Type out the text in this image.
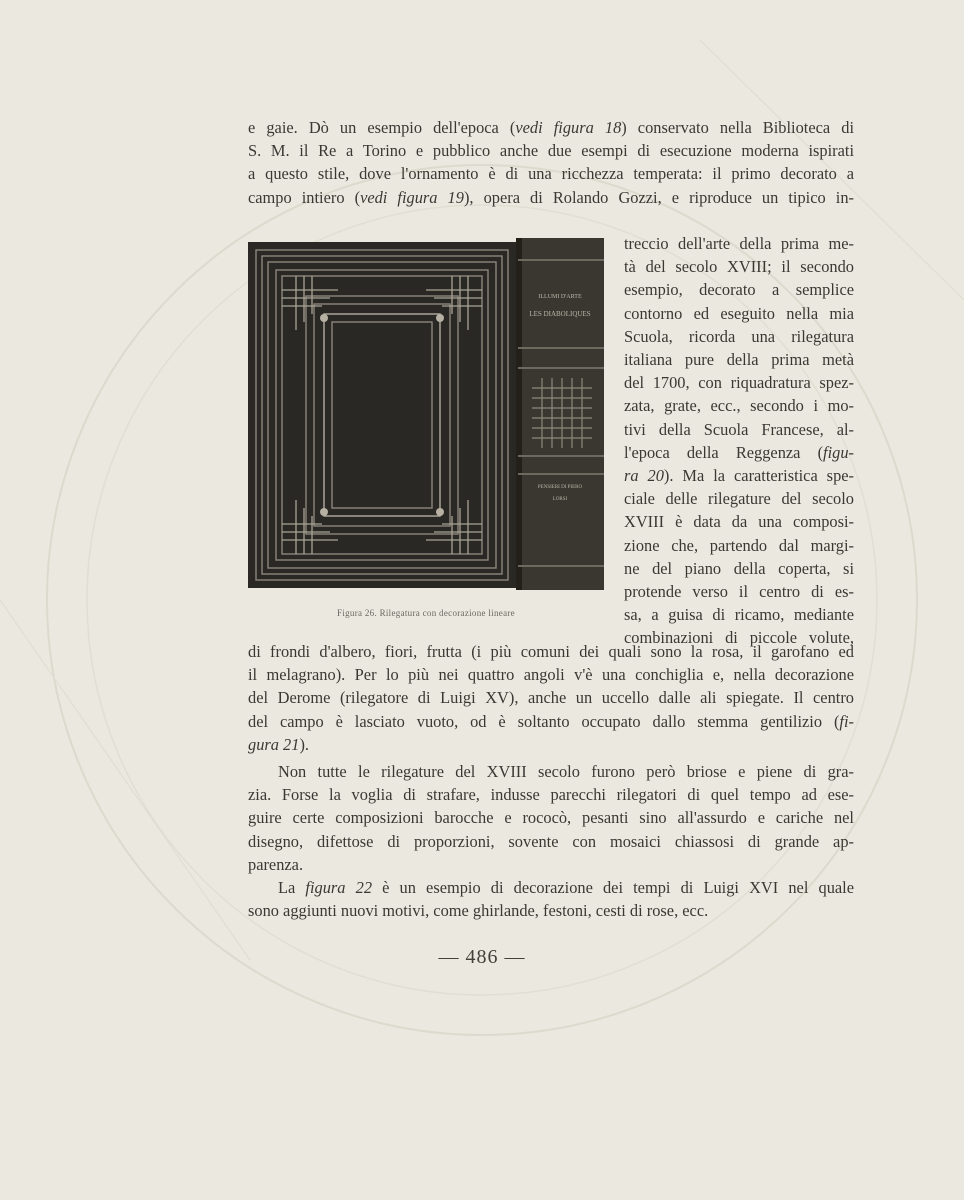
e gaie. Dò un esempio dell'epoca (vedi figura 18) conservato nella Biblioteca di
S. M. il Re a Torino e pubblico anche due esempi di esecuzione moderna ispirati
a questo stile, dove l'ornamento è di una ricchezza temperata: il primo decorato a
campo intiero (vedi figura 19), opera di Rolando Gozzi, e riproduce un tipico in-
ILLUMI D'ARTE
LES DIABOLIQUES
PENSIERI DI PIERO
LORSI
Figura 26. Rilegatura con decorazione lineare
treccio dell'arte della prima me-
tà del secolo XVIII; il secondo
esempio, decorato a semplice
contorno ed eseguito nella mia
Scuola, ricorda una rilegatura
italiana pure della prima metà
del 1700, con riquadratura spez-
zata, grate, ecc., secondo i mo-
tivi della Scuola Francese, al-
l'epoca della Reggenza (figu-
ra 20). Ma la caratteristica spe-
ciale delle rilegature del secolo
XVIII è data da una composi-
zione che, partendo dal margi-
ne del piano della coperta, si
protende verso il centro di es-
sa, a guisa di ricamo, mediante
combinazioni di piccole volute,
di frondi d'albero, fiori, frutta (i più comuni dei quali sono la rosa, il garofano ed
il melagrano). Per lo più nei quattro angoli v'è una conchiglia e, nella decorazione
del Derome (rilegatore di Luigi XV), anche un uccello dalle ali spiegate. Il centro
del campo è lasciato vuoto, od è soltanto occupato dallo stemma gentilizio (fi-
gura 21).
Non tutte le rilegature del XVIII secolo furono però briose e piene di gra-
zia. Forse la voglia di strafare, indusse parecchi rilegatori di quel tempo ad ese-
guire certe composizioni barocche e rococò, pesanti sino all'assurdo e cariche nel
disegno, difettose di proporzioni, sovente con mosaici chiassosi di grande ap-
parenza.
La figura 22 è un esempio di decorazione dei tempi di Luigi XVI nel quale
sono aggiunti nuovi motivi, come ghirlande, festoni, cesti di rose, ecc.
— 486 —
